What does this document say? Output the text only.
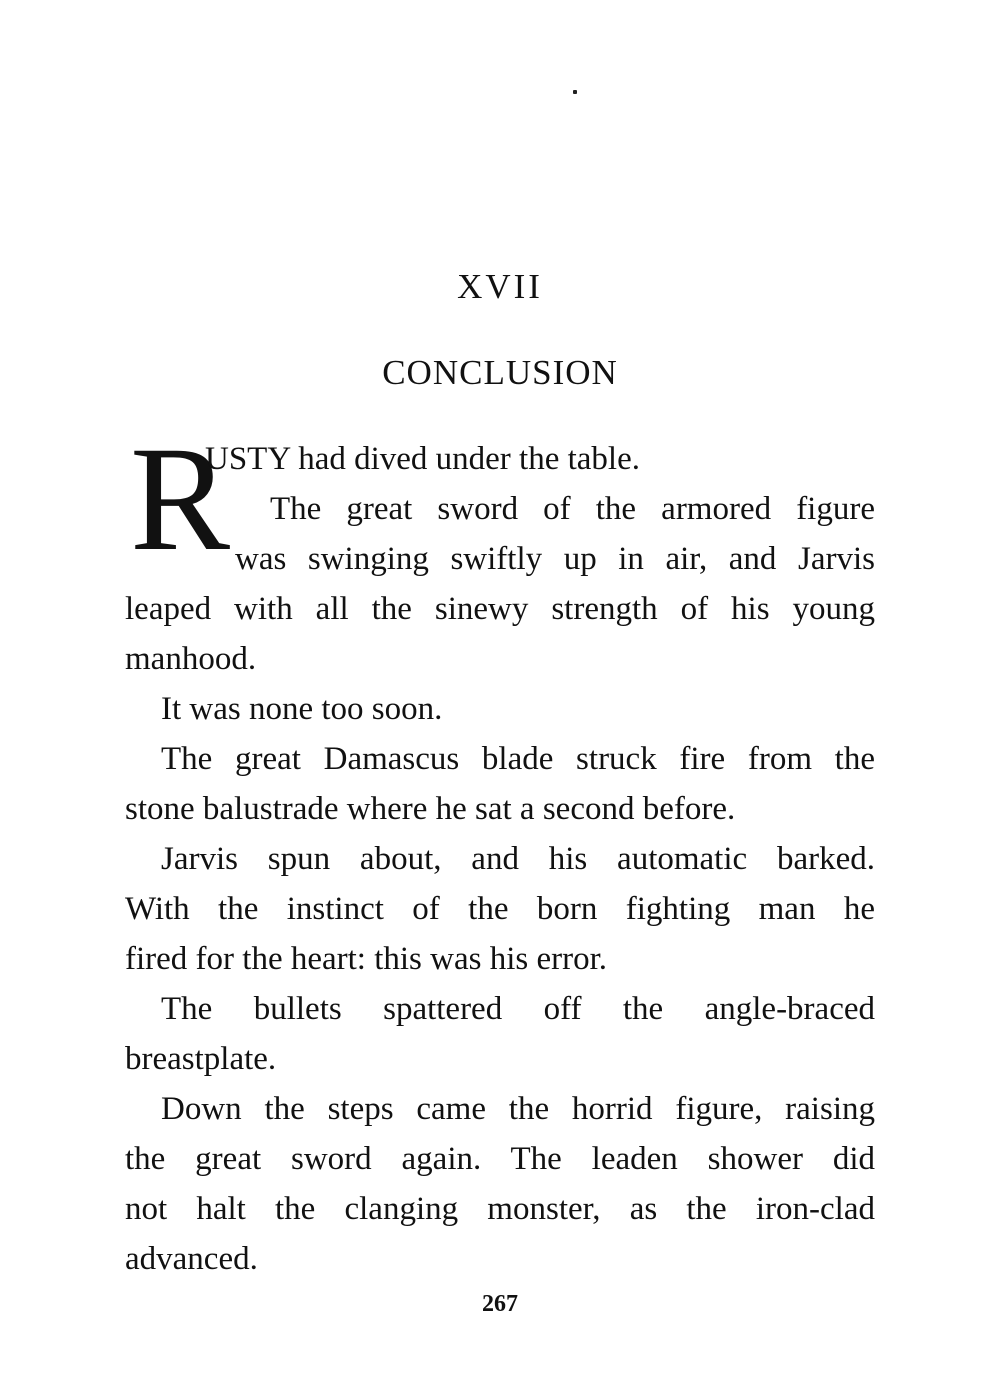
XVII
CONCLUSION
R
USTY had dived under the table.
The great sword of the armored figure
was swinging swiftly up in air, and Jarvis
leaped with all the sinewy strength of his young
manhood.
It was none too soon.
The great Damascus blade struck fire from the
stone balustrade where he sat a second before.
Jarvis spun about, and his automatic barked.
With the instinct of the born fighting man he
fired for the heart: this was his error.
The bullets spattered off the angle-braced
breastplate.
Down the steps came the horrid figure, raising
the great sword again. The leaden shower did
not halt the clanging monster, as the iron-clad
advanced.
267
